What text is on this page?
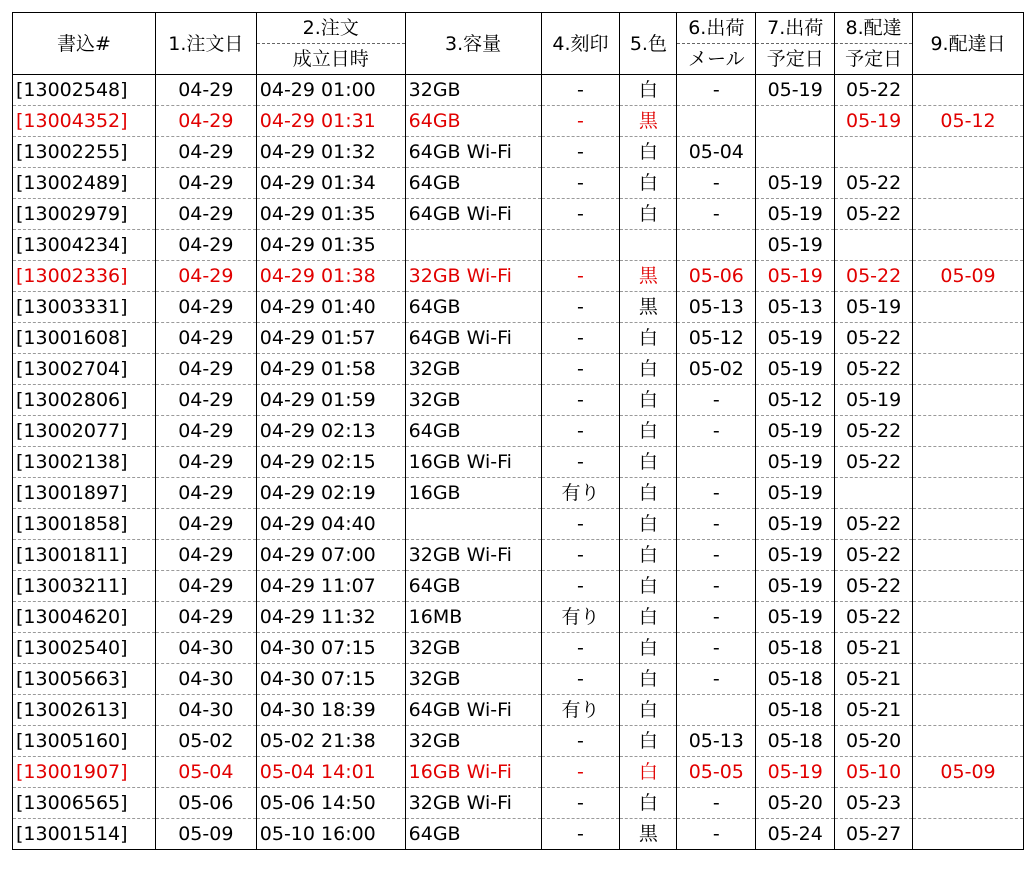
書込#	1.注文日	2.注文	3.容量	4.刻印	5.色	6.出荷	7.出荷	8.配達	9.配達日
		成立日時				メール	予定日	予定日	
[13002548]	04-29	04-29 01:00	32GB	-	白	-	05-19	05-22	
[13004352]	04-29	04-29 01:31	64GB	-	黒			05-19	05-12
[13002255]	04-29	04-29 01:32	64GB Wi-Fi	-	白	05-04			
[13002489]	04-29	04-29 01:34	64GB	-	白	-	05-19	05-22	
[13002979]	04-29	04-29 01:35	64GB Wi-Fi	-	白	-	05-19	05-22	
[13004234]	04-29	04-29 01:35					05-19		
[13002336]	04-29	04-29 01:38	32GB Wi-Fi	-	黒	05-06	05-19	05-22	05-09
[13003331]	04-29	04-29 01:40	64GB	-	黒	05-13	05-13	05-19	
[13001608]	04-29	04-29 01:57	64GB Wi-Fi	-	白	05-12	05-19	05-22	
[13002704]	04-29	04-29 01:58	32GB	-	白	05-02	05-19	05-22	
[13002806]	04-29	04-29 01:59	32GB	-	白	-	05-12	05-19	
[13002077]	04-29	04-29 02:13	64GB	-	白	-	05-19	05-22	
[13002138]	04-29	04-29 02:15	16GB Wi-Fi	-	白		05-19	05-22	
[13001897]	04-29	04-29 02:19	16GB	有り	白	-	05-19		
[13001858]	04-29	04-29 04:40		-	白	-	05-19	05-22	
[13001811]	04-29	04-29 07:00	32GB Wi-Fi	-	白	-	05-19	05-22	
[13003211]	04-29	04-29 11:07	64GB	-	白	-	05-19	05-22	
[13004620]	04-29	04-29 11:32	16MB	有り	白	-	05-19	05-22	
[13002540]	04-30	04-30 07:15	32GB	-	白	-	05-18	05-21	
[13005663]	04-30	04-30 07:15	32GB	-	白	-	05-18	05-21	
[13002613]	04-30	04-30 18:39	64GB Wi-Fi	有り	白		05-18	05-21	
[13005160]	05-02	05-02 21:38	32GB	-	白	05-13	05-18	05-20	
[13001907]	05-04	05-04 14:01	16GB Wi-Fi	-	白	05-05	05-19	05-10	05-09
[13006565]	05-06	05-06 14:50	32GB Wi-Fi	-	白	-	05-20	05-23	
[13001514]	05-09	05-10 16:00	64GB	-	黒	-	05-24	05-27	
